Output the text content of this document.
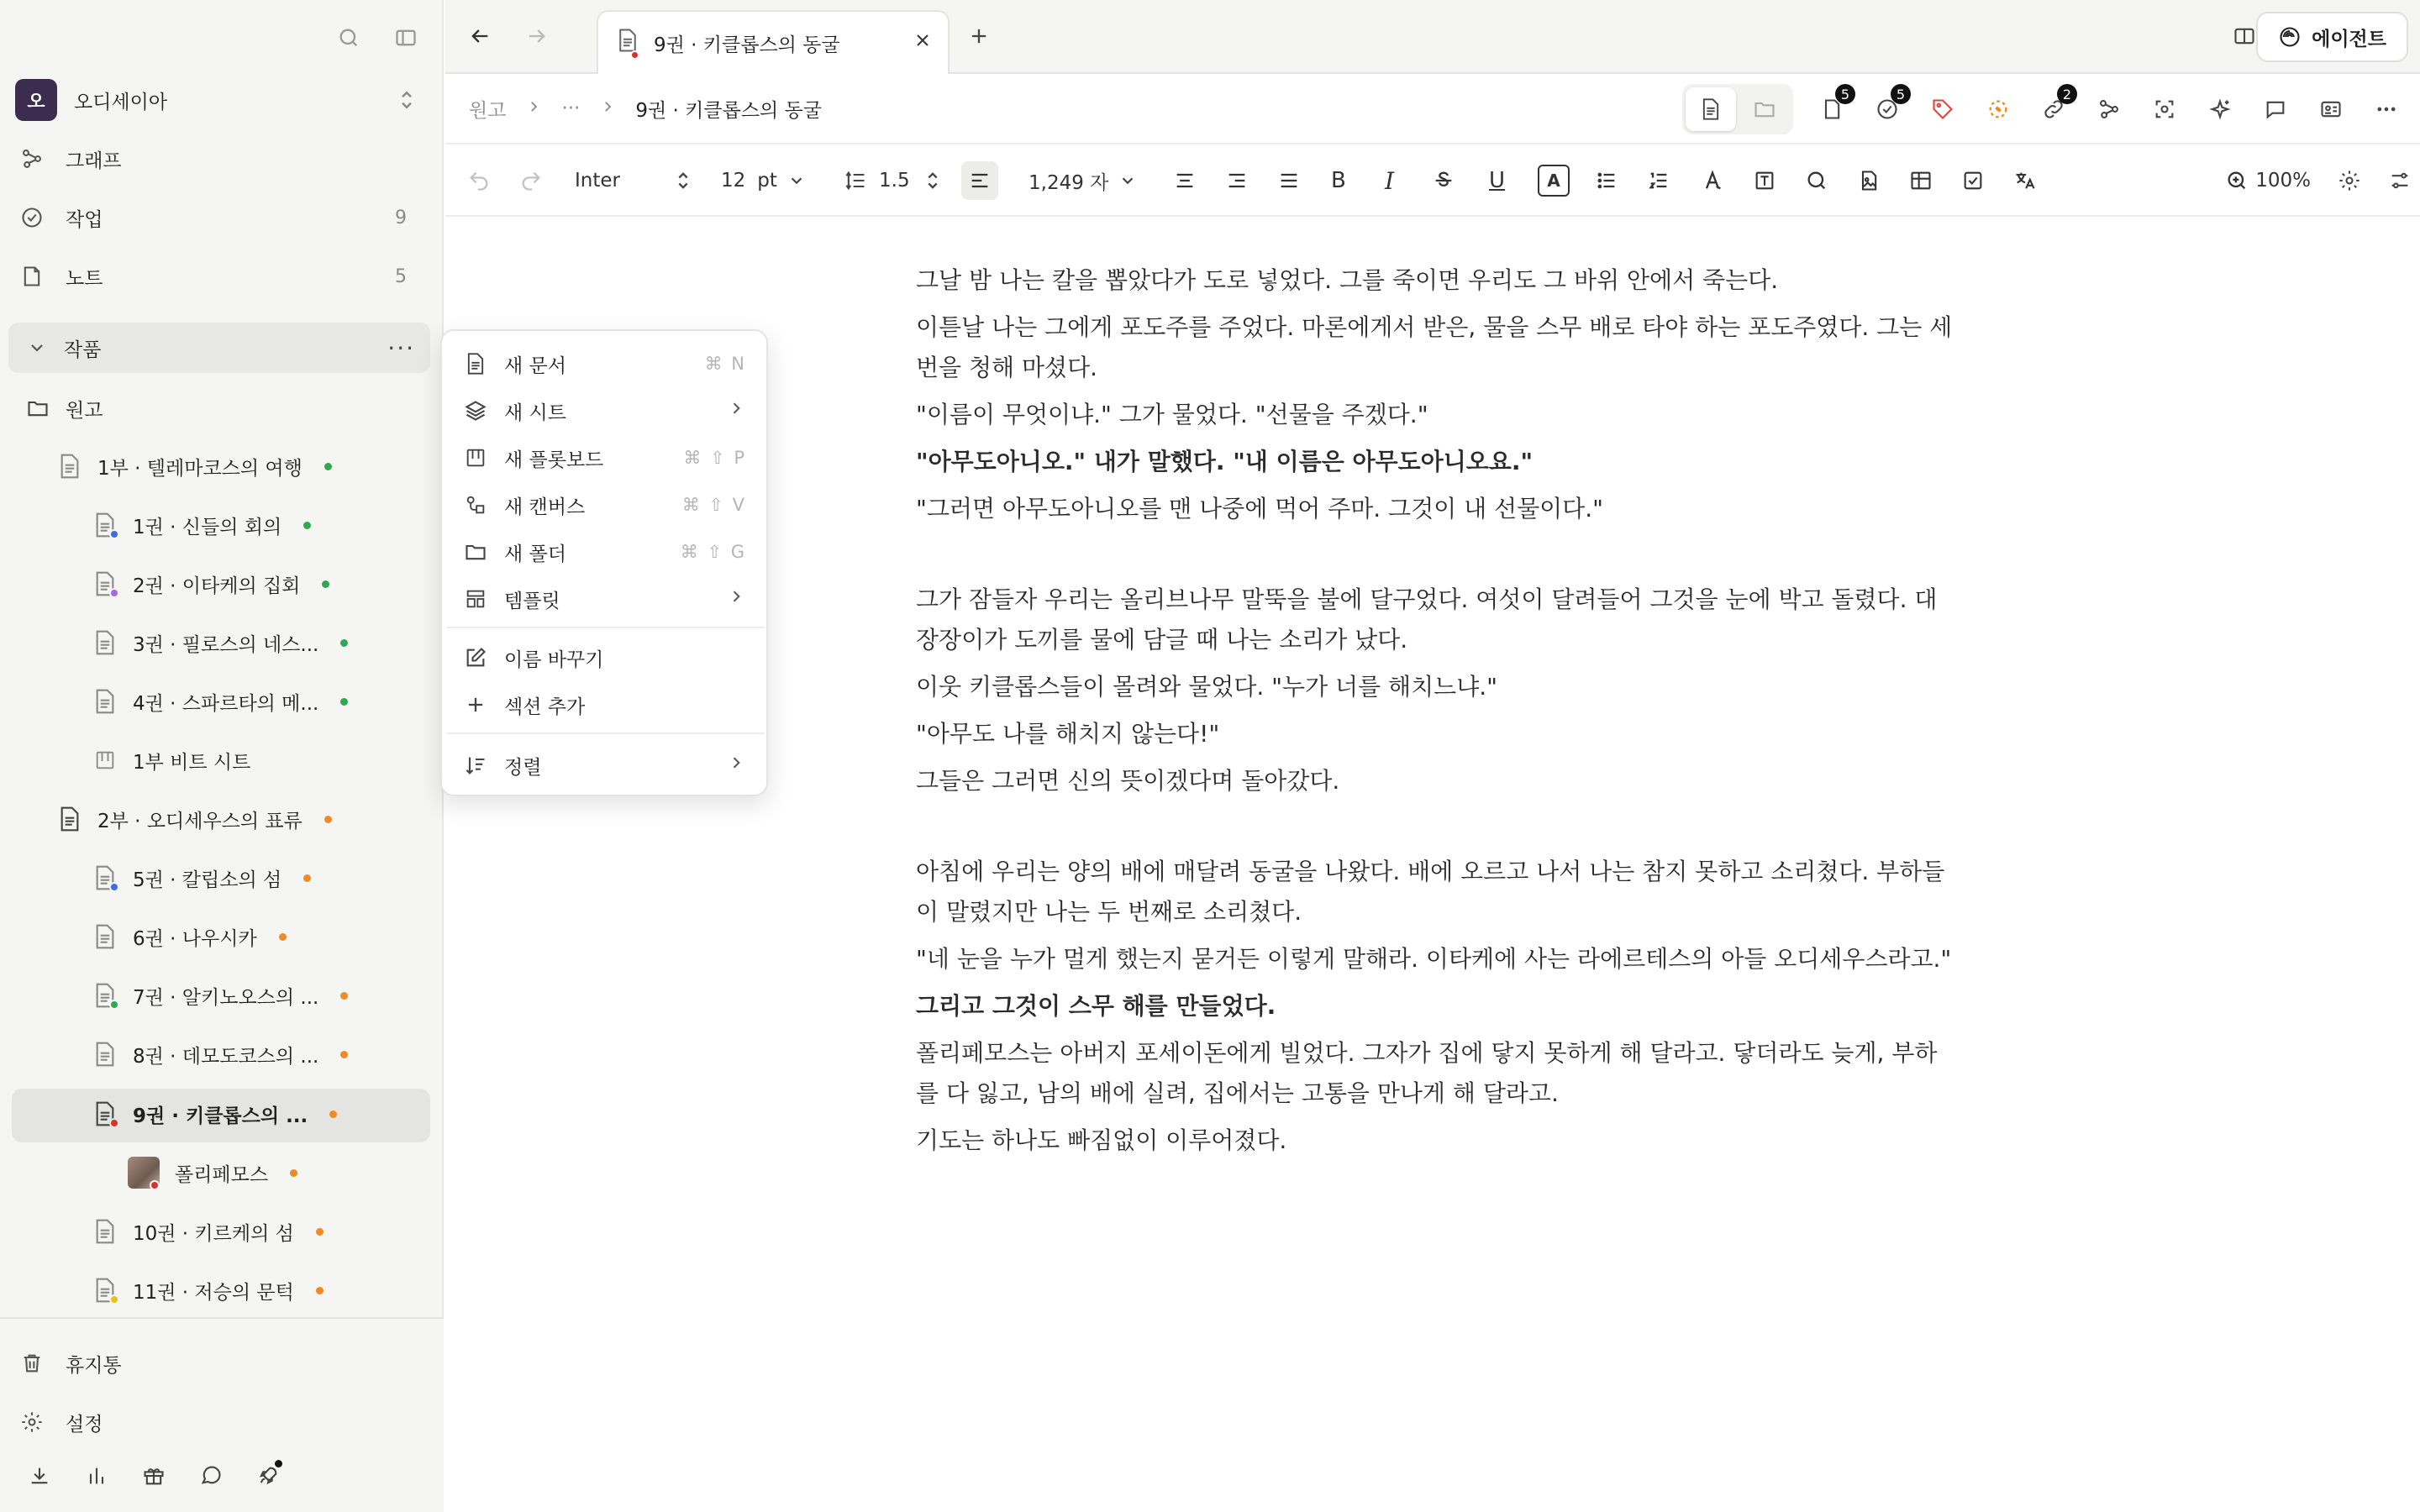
오	오디세이아
그래프
작업	9
노트	5
작품	···
원고
1부 · 텔레마코스의 여행
1권 · 신들의 회의
2권 · 이타케의 집회
3권 · 필로스의 네스...
4권 · 스파르타의 메...
1부 비트 시트
2부 · 오디세우스의 표류
5권 · 칼립소의 섬
6권 · 나우시카
7권 · 알키노오스의 ...
8권 · 데모도코스의 ...
9권 · 키클롭스의 ...
폴리페모스
10권 · 키르케의 섬
11권 · 저승의 문턱
휴지통
설정
9권 · 키클롭스의 동굴	에이전트
원고	···	9권 · 키클롭스의 동굴
5	5	2
Inter	12 pt	1.5	1,249 자	B I	U	A	100%

그날 밤 나는 칼을 뽑았다가 도로 넣었다. 그를 죽이면 우리도 그 바위 안에서 죽는다.

이튿날 나는 그에게 포도주를 주었다. 마론에게서 받은, 물을 스무 배로 타야 하는 포도주였다. 그는 세 번을 청해 마셨다.

"이름이 무엇이냐." 그가 물었다. "선물을 주겠다."

"아무도아니오." 내가 말했다. "내 이름은 아무도아니오요."

"그러면 아무도아니오를 맨 나중에 먹어 주마. 그것이 내 선물이다."

그가 잠들자 우리는 올리브나무 말뚝을 불에 달구었다. 여섯이 달려들어 그것을 눈에 박고 돌렸다. 대장장이가 도끼를 물에 담글 때 나는 소리가 났다.

이웃 키클롭스들이 몰려와 물었다. "누가 너를 해치느냐."

"아무도 나를 해치지 않는다!"

그들은 그러면 신의 뜻이겠다며 돌아갔다.

아침에 우리는 양의 배에 매달려 동굴을 나왔다. 배에 오르고 나서 나는 참지 못하고 소리쳤다. 부하들이 말렸지만 나는 두 번째로 소리쳤다.

"네 눈을 누가 멀게 했는지 묻거든 이렇게 말해라. 이타케에 사는 라에르테스의 아들 오디세우스라고."

그리고 그것이 스무 해를 만들었다.

폴리페모스는 아버지 포세이돈에게 빌었다. 그자가 집에 닿지 못하게 해 달라고. 닿더라도 늦게, 부하를 다 잃고, 남의 배에 실려, 집에서는 고통을 만나게 해 달라고.

기도는 하나도 빠짐없이 이루어졌다.

새 문서	⌘ N
새 시트
새 플롯보드	⌘ ⇧ P
새 캔버스	⌘ ⇧ V
새 폴더	⌘ ⇧ G
템플릿
이름 바꾸기
섹션 추가
정렬
